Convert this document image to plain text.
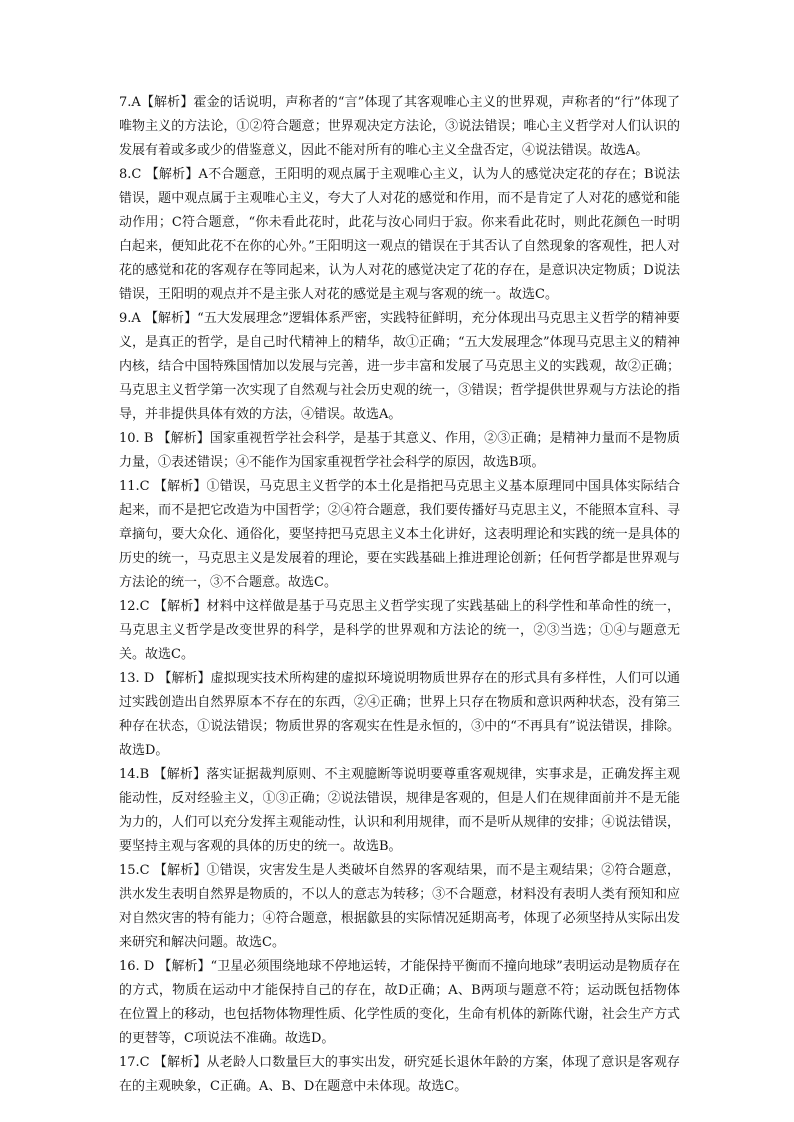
7.A【解析】霍金的话说明，声称者的“言”体现了其客观唯心主义的世界观，声称者的“行”体现了唯物主义的方法论，①②符合题意；世界观决定方法论，③说法错误；唯心主义哲学对人们认识的发展有着或多或少的借鉴意义，因此不能对所有的唯心主义全盘否定，④说法错误。故选A。

8.C 【解析】A不合题意，王阳明的观点属于主观唯心主义，认为人的感觉决定花的存在；B说法错误，题中观点属于主观唯心主义，夸大了人对花的感觉和作用，而不是肯定了人对花的感觉和能动作用；C符合题意，“你未看此花时，此花与汝心同归于寂。你来看此花时，则此花颜色一时明白起来，便知此花不在你的心外。”王阳明这一观点的错误在于其否认了自然现象的客观性，把人对花的感觉和花的客观存在等同起来，认为人对花的感觉决定了花的存在，是意识决定物质；D说法错误，王阳明的观点并不是主张人对花的感觉是主观与客观的统一。故选C。

9.A 【解析】“五大发展理念”逻辑体系严密，实践特征鲜明，充分体现出马克思主义哲学的精神要义，是真正的哲学，是自己时代精神上的精华，故①正确；“五大发展理念”体现马克思主义的精神内核，结合中国特殊国情加以发展与完善，进一步丰富和发展了马克思主义的实践观，故②正确；马克思主义哲学第一次实现了自然观与社会历史观的统一，③错误；哲学提供世界观与方法论的指导，并非提供具体有效的方法，④错误。故选A。

10. B 【解析】国家重视哲学社会科学，是基于其意义、作用，②③正确；是精神力量而不是物质力量，①表述错误；④不能作为国家重视哲学社会科学的原因，故选B项。

11.C 【解析】①错误，马克思主义哲学的本土化是指把马克思主义基本原理同中国具体实际结合起来，而不是把它改造为中国哲学；②④符合题意，我们要传播好马克思主义，不能照本宣科、寻章摘句，要大众化、通俗化，要坚持把马克思主义本土化讲好，这表明理论和实践的统一是具体的历史的统一，马克思主义是发展着的理论，要在实践基础上推进理论创新；任何哲学都是世界观与方法论的统一，③不合题意。故选C。

12.C 【解析】材料中这样做是基于马克思主义哲学实现了实践基础上的科学性和革命性的统一，马克思主义哲学是改变世界的科学，是科学的世界观和方法论的统一，②③当选；①④与题意无关。故选C。

13. D 【解析】虚拟现实技术所构建的虚拟环境说明物质世界存在的形式具有多样性，人们可以通过实践创造出自然界原本不存在的东西，②④正确；世界上只存在物质和意识两种状态，没有第三种存在状态，①说法错误；物质世界的客观实在性是永恒的，③中的“不再具有”说法错误，排除。故选D。

14.B 【解析】落实证据裁判原则、不主观臆断等说明要尊重客观规律，实事求是，正确发挥主观能动性，反对经验主义，①③正确；②说法错误，规律是客观的，但是人们在规律面前并不是无能为力的，人们可以充分发挥主观能动性，认识和利用规律，而不是听从规律的安排；④说法错误，要坚持主观与客观的具体的历史的统一。故选B。

15.C 【解析】①错误，灾害发生是人类破坏自然界的客观结果，而不是主观结果；②符合题意，洪水发生表明自然界是物质的，不以人的意志为转移；③不合题意，材料没有表明人类有预知和应对自然灾害的特有能力；④符合题意，根据歙县的实际情况延期高考，体现了必须坚持从实际出发来研究和解决问题。故选C。

16. D 【解析】“卫星必须围绕地球不停地运转，才能保持平衡而不撞向地球”表明运动是物质存在的方式，物质在运动中才能保持自己的存在，故D正确；A、B两项与题意不符；运动既包括物体在位置上的移动，也包括物体物理性质、化学性质的变化，生命有机体的新陈代谢，社会生产方式的更替等，C项说法不准确。故选D。

17.C 【解析】从老龄人口数量巨大的事实出发，研究延长退休年龄的方案，体现了意识是客观存在的主观映象，C正确。A、B、D在题意中未体现。故选C。
